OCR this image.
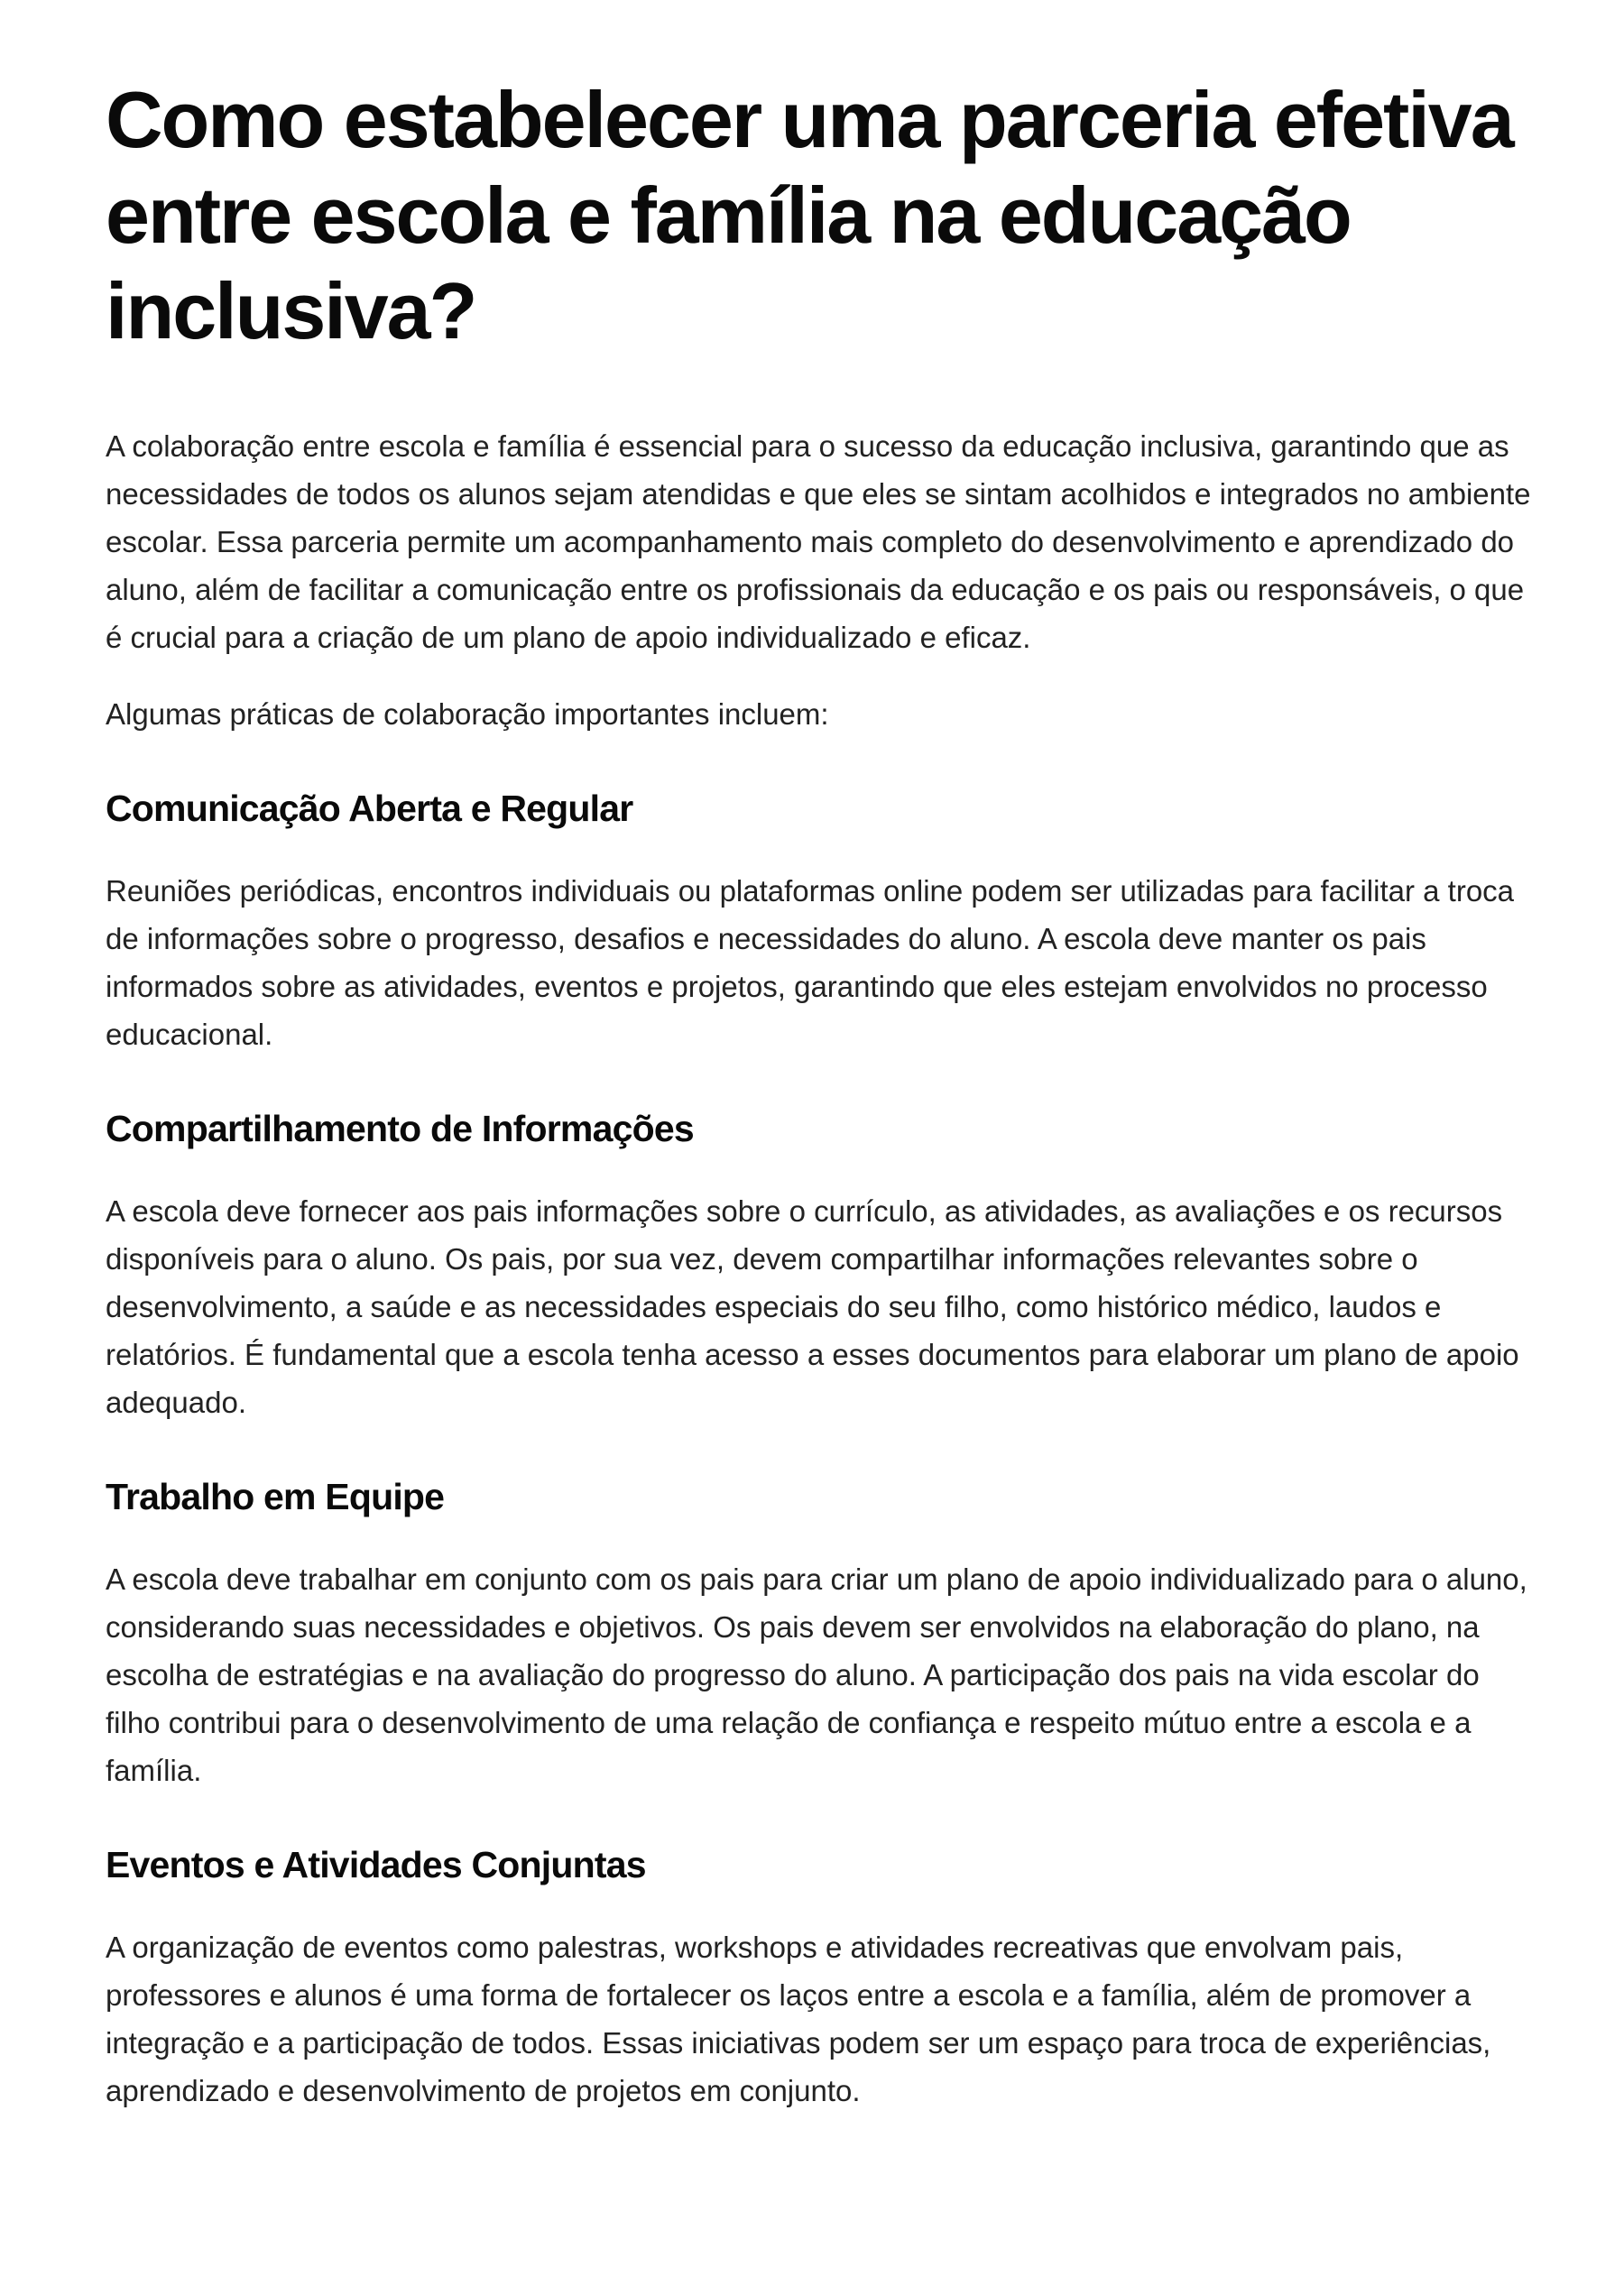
Como estabelecer uma parceria efetiva entre escola e família na educação inclusiva?

A colaboração entre escola e família é essencial para o sucesso da educação inclusiva, garantindo que as necessidades de todos os alunos sejam atendidas e que eles se sintam acolhidos e integrados no ambiente escolar. Essa parceria permite um acompanhamento mais completo do desenvolvimento e aprendizado do aluno, além de facilitar a comunicação entre os profissionais da educação e os pais ou responsáveis, o que é crucial para a criação de um plano de apoio individualizado e eficaz.

Algumas práticas de colaboração importantes incluem:

Comunicação Aberta e Regular

Reuniões periódicas, encontros individuais ou plataformas online podem ser utilizadas para facilitar a troca de informações sobre o progresso, desafios e necessidades do aluno. A escola deve manter os pais informados sobre as atividades, eventos e projetos, garantindo que eles estejam envolvidos no processo educacional.

Compartilhamento de Informações

A escola deve fornecer aos pais informações sobre o currículo, as atividades, as avaliações e os recursos disponíveis para o aluno. Os pais, por sua vez, devem compartilhar informações relevantes sobre o desenvolvimento, a saúde e as necessidades especiais do seu filho, como histórico médico, laudos e relatórios. É fundamental que a escola tenha acesso a esses documentos para elaborar um plano de apoio adequado.

Trabalho em Equipe

A escola deve trabalhar em conjunto com os pais para criar um plano de apoio individualizado para o aluno, considerando suas necessidades e objetivos. Os pais devem ser envolvidos na elaboração do plano, na escolha de estratégias e na avaliação do progresso do aluno. A participação dos pais na vida escolar do filho contribui para o desenvolvimento de uma relação de confiança e respeito mútuo entre a escola e a família.

Eventos e Atividades Conjuntas

A organização de eventos como palestras, workshops e atividades recreativas que envolvam pais, professores e alunos é uma forma de fortalecer os laços entre a escola e a família, além de promover a integração e a participação de todos. Essas iniciativas podem ser um espaço para troca de experiências, aprendizado e desenvolvimento de projetos em conjunto.
